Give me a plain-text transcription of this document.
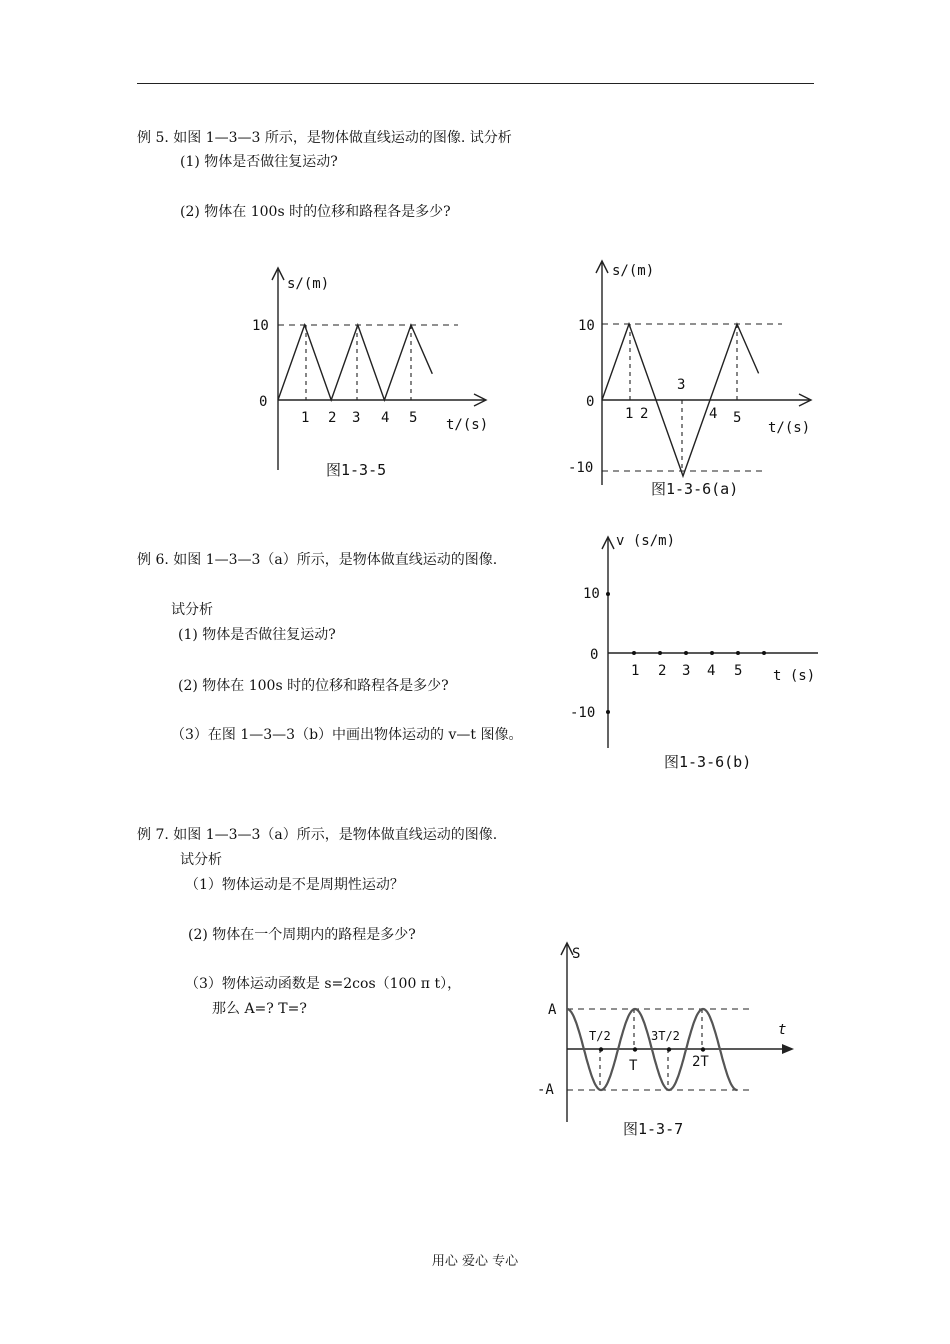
例 5. 如图 1—3—3 所示，是物体做直线运动的图像. 试分析
(1) 物体是否做往复运动?
(2) 物体在 100s 时的位移和路程各是多少?
s/(m)
t/(s)
10
0
1 2 3 4 5
图1-3-5
s/(m)
t/(s)
10
0
-10
1 2
3
4 5
图1-3-6(a)
例 6. 如图 1—3—3（a）所示，是物体做直线运动的图像.
试分析
(1) 物体是否做往复运动?
(2) 物体在 100s 时的位移和路程各是多少?
（3）在图 1—3—3（b）中画出物体运动的 v—t 图像。
v (s/m)
t (s)
10
0
-10
1 2 3 4 5
图1-3-6(b)
例 7. 如图 1—3—3（a）所示，是物体做直线运动的图像.
试分析
（1）物体运动是不是周期性运动？
(2) 物体在一个周期内的路程是多少?
（3）物体运动函数是 s=2cos（100 π t），
那么 A=? T=?
S
t
A
-A
T/2
T
3T/2
2T
图1-3-7
用心 爱心 专心
